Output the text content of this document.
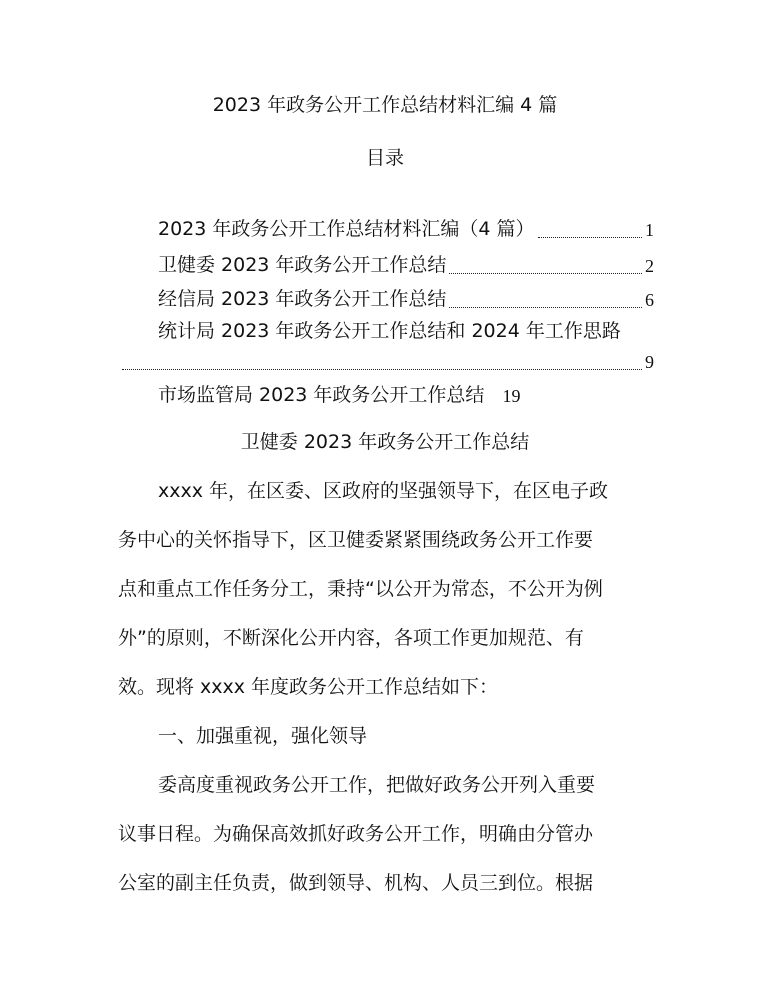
2023 年政务公开工作总结材料汇编 4 篇
目录
2023 年政务公开工作总结材料汇编（4 篇）	1
卫健委 2023 年政务公开工作总结	2
经信局 2023 年政务公开工作总结	6
统计局 2023 年政务公开工作总结和 2024 年工作思路
9
市场监管局 2023 年政务公开工作总结 19
卫健委 2023 年政务公开工作总结
xxxx 年，在区委、区政府的坚强领导下，在区电子政
务中心的关怀指导下，区卫健委紧紧围绕政务公开工作要
点和重点工作任务分工，秉持“以公开为常态，不公开为例
外”的原则，不断深化公开内容，各项工作更加规范、有
效。现将 xxxx 年度政务公开工作总结如下：
一、加强重视，强化领导
委高度重视政务公开工作，把做好政务公开列入重要
议事日程。为确保高效抓好政务公开工作，明确由分管办
公室的副主任负责，做到领导、机构、人员三到位。根据
